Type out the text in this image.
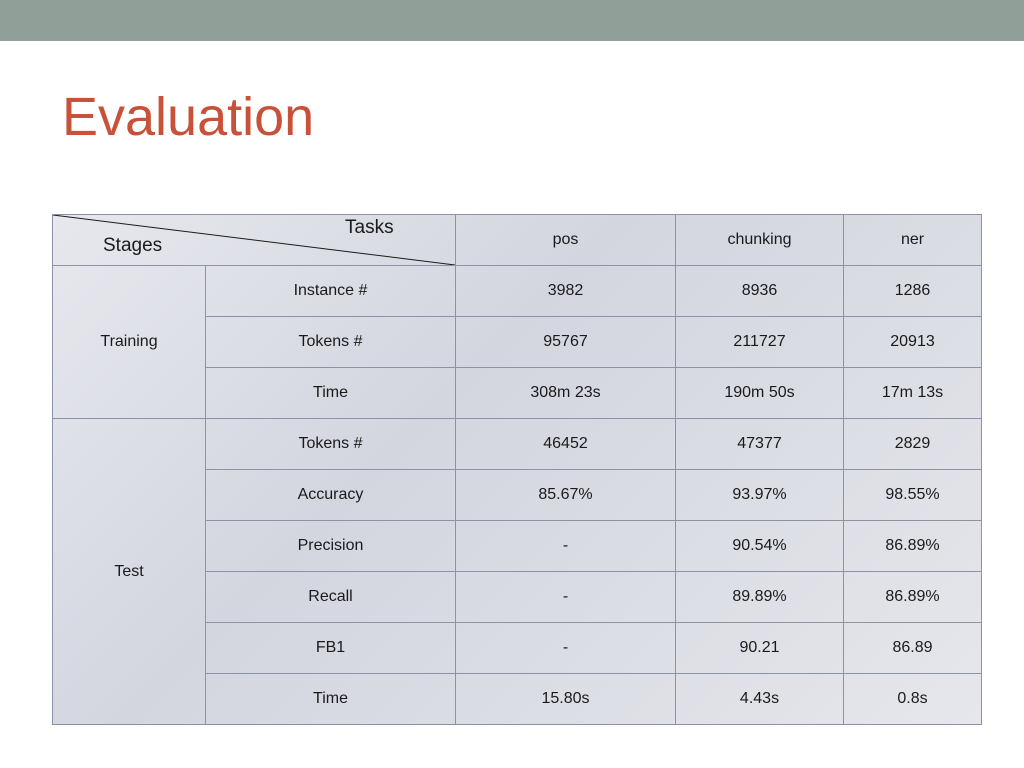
Evaluation
Tasks
Stages		pos	chunking	ner
Training	Instance #	3982	8936	1286
	Tokens #	95767	211727	20913
	Time	308m 23s	190m 50s	17m 13s
Test	Tokens #	46452	47377	2829
	Accuracy	85.67%	93.97%	98.55%
	Precision	-	90.54%	86.89%
	Recall	-	89.89%	86.89%
	FB1	-	90.21	86.89
	Time	15.80s	4.43s	0.8s
